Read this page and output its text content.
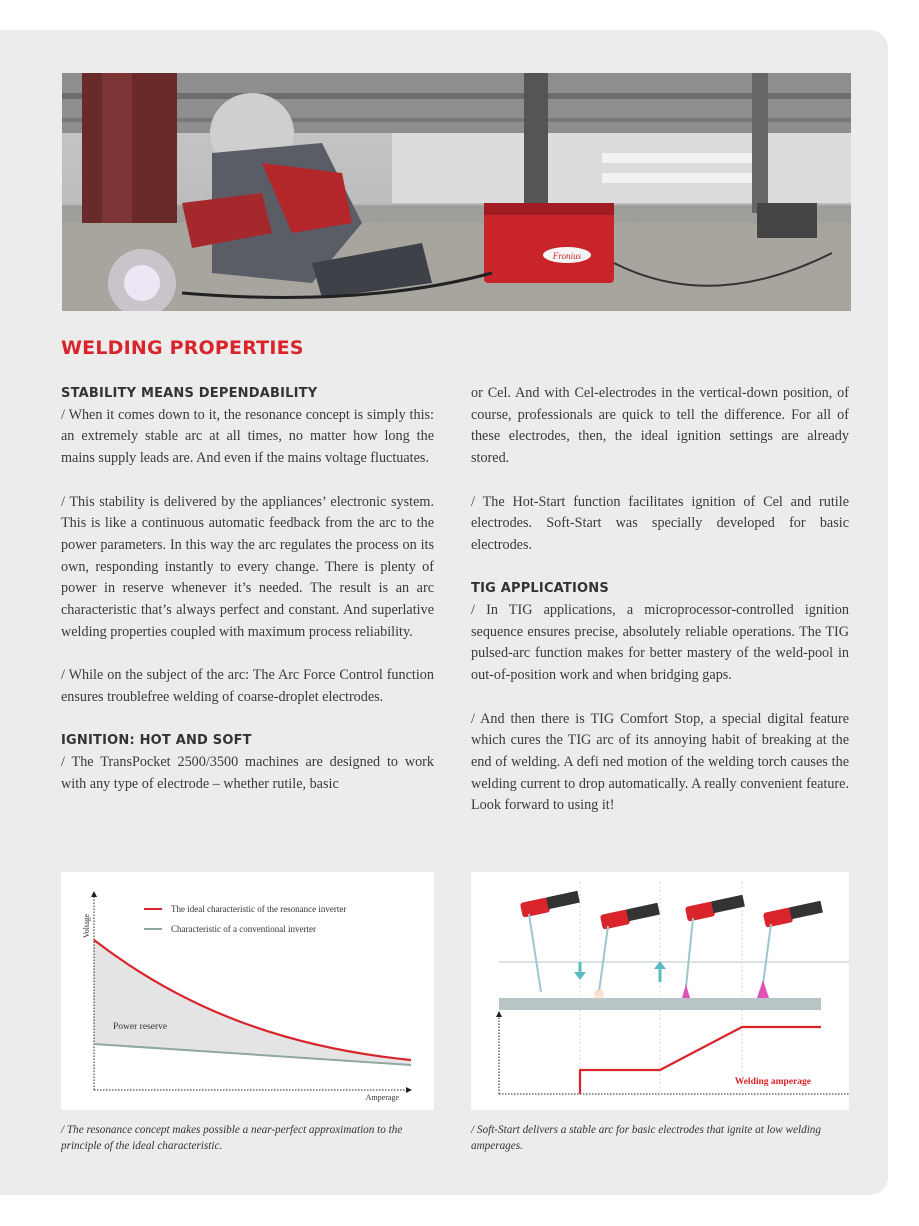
Fronius
WELDING PROPERTIES
STABILITY MEANS DEPENDABILITY

/ When it comes down to it, the resonance concept is simply this: an extremely stable arc at all times, no matter how long the mains supply leads are. And even if the mains voltage fluctuates.

/ This stability is delivered by the appliances’ electronic system. This is like a continuous automatic feedback from the arc to the power parameters. In this way the arc regulates the process on its own, responding instantly to every change. There is plenty of power in reserve whenever it’s needed. The result is an arc characteristic that’s always perfect and constant. And superlative welding properties coupled with maximum process reliability.

/ While on the subject of the arc: The Arc Force Control function ensures troublefree welding of coarse-droplet electrodes.

IGNITION: HOT AND SOFT

/ The TransPocket 2500/3500 machines are designed to work with any type of electrode – whether rutile, basic

or Cel. And with Cel-electrodes in the vertical-down position, of course, professionals are quick to tell the difference. For all of these electrodes, then, the ideal ignition settings are already stored.

/ The Hot-Start function facilitates ignition of Cel and rutile electrodes. Soft-Start was specially developed for basic electrodes.

TIG APPLICATIONS

/ In TIG applications, a microprocessor-controlled ignition sequence ensures precise, absolutely reliable operations. The TIG pulsed-arc function makes for better mastery of the weld-pool in out-of-position work and when bridging gaps.

/ And then there is TIG Comfort Stop, a special digital feature which cures the TIG arc of its annoying habit of breaking at the end of welding. A defi ned motion of the welding torch causes the welding current to drop automatically. A really convenient feature. Look forward to using it!

The ideal characteristic of the resonance inverter
Characteristic of a conventional inverter
Power reserve
Voltage
Amperage
Welding amperage
/ The resonance concept makes possible a near-perfect approximation to the principle of the ideal characteristic.
/ Soft-Start delivers a stable arc for basic electrodes that ignite at low welding amperages.
